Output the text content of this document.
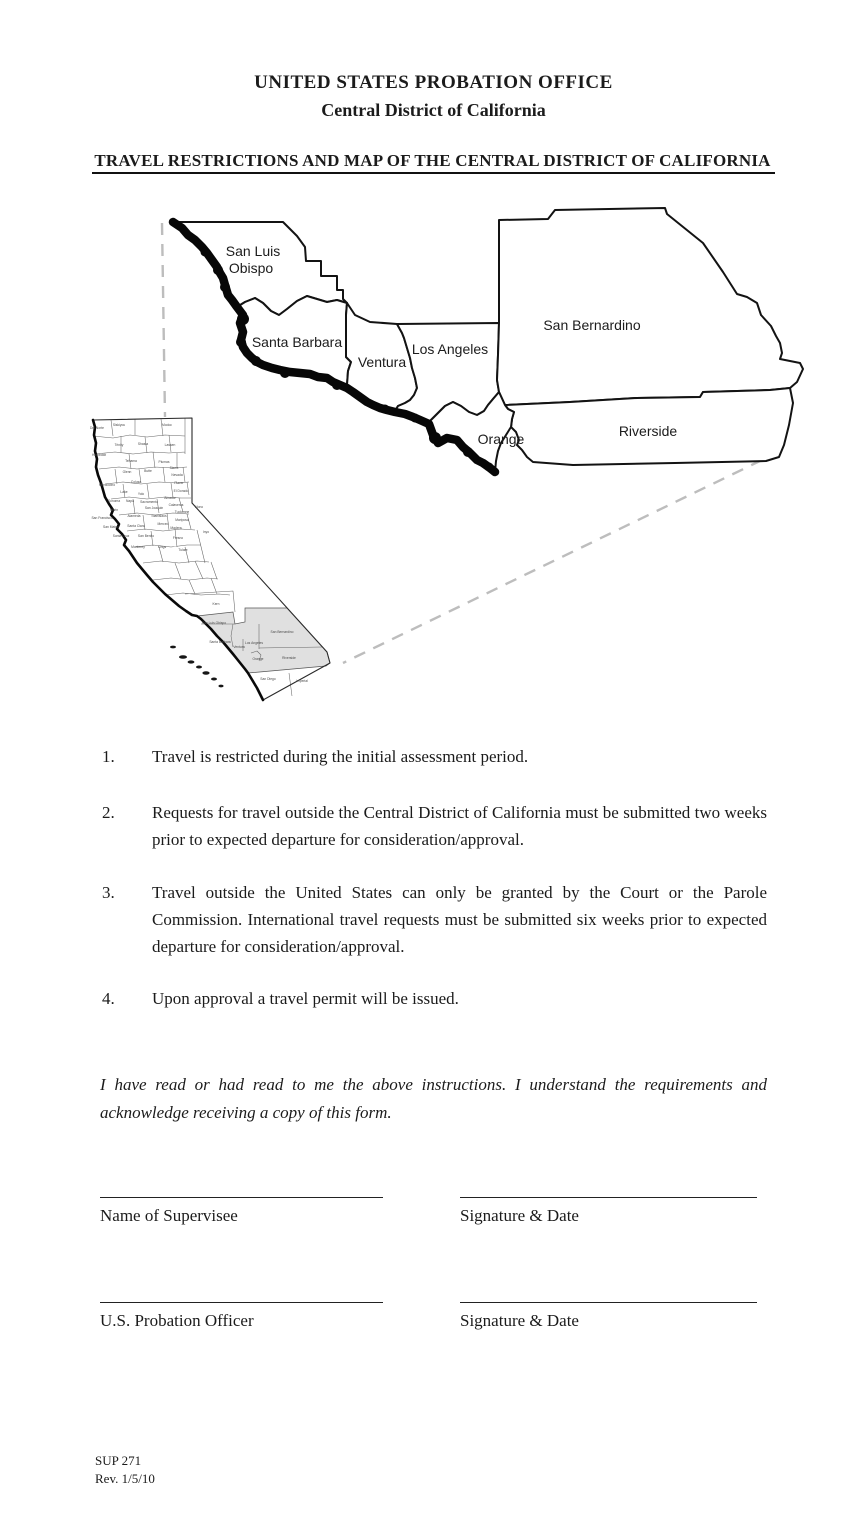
UNITED STATES PROBATION OFFICE
Central District of California
TRAVEL RESTRICTIONS AND MAP OF THE CENTRAL DISTRICT OF CALIFORNIA
Del Norte
Siskiyou	Modoc
Humboldt
Trinity	Shasta	Lassen
Tehama	Plumas
Mendocino
Glenn	Butte
Sierra
Colusa
Lake
Nevada
Placer
El Dorado
Yolo
Napa
Sonoma	Sacramento
Amador
Calaveras
Tuolumne
Mono
Marin
San Francisco	Alameda
San Joaquin
Stanislaus
Mariposa
San Mateo	Santa Clara	Merced
Madera
Santa Cruz	San Benito	Fresno
Monterey	Kings
Tulare
Inyo
Kern
San Luis Obispo
Santa Barbara
Ventura
Los Angeles
San Bernardino
Orange	Riverside
San Diego	Imperial
San Luis
Obispo
Santa Barbara
Ventura
Los Angeles
San Bernardino
Orange	Riverside
1. Travel is restricted during the initial assessment period.
2. Requests for travel outside the Central District of California must be submitted two weeks prior to expected departure for consideration/approval.
3. Travel outside the United States can only be granted by the Court or the Parole Commission. International travel requests must be submitted six weeks prior to expected departure for consideration/approval.
4. Upon approval a travel permit will be issued.
I have read or had read to me the above instructions. I understand the requirements and acknowledge receiving a copy of this form.
Name of Supervisee	Signature & Date
U.S. Probation Officer	Signature & Date
SUP 271
Rev. 1/5/10
